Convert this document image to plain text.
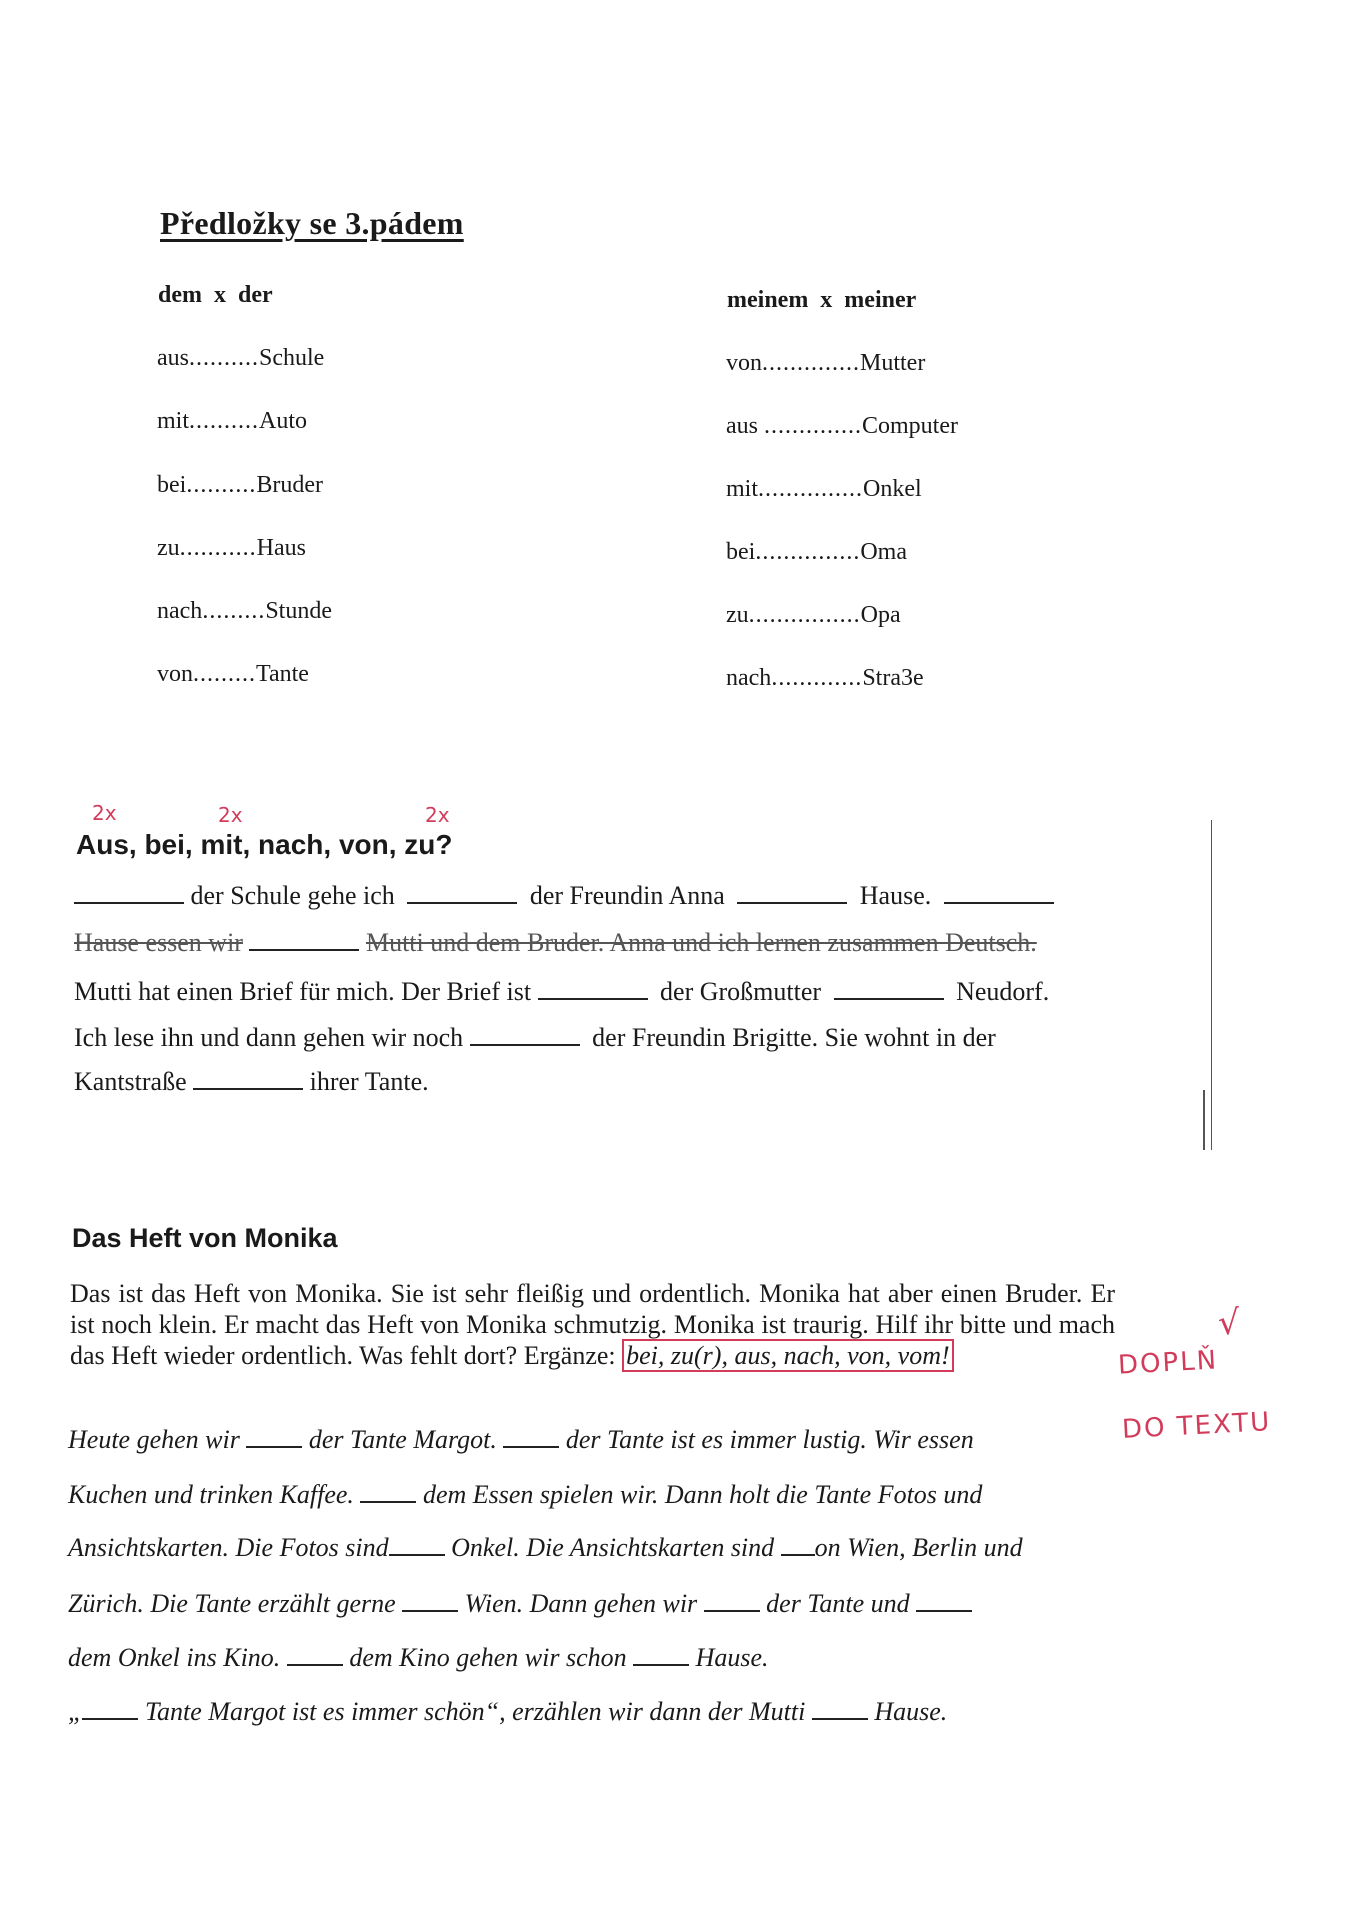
Předložky se 3.pádem
dem x der
aus..........Schule
mit..........Auto
bei..........Bruder
zu...........Haus
nach.........Stunde
von.........Tante
meinem x meiner
von..............Mutter
aus ..............Computer
mit...............Onkel
bei...............Oma
zu................Opa
nach.............Stra3e
2x	2x	2x
Aus, bei, mit, nach, von, zu?
der Schule gehe ich	der Freundin Anna	Hause.
Hause essen wir	Mutti und dem Bruder. Anna und ich lernen zusammen Deutsch.
Mutti hat einen Brief für mich. Der Brief ist	der Großmutter	Neudorf.
Ich lese ihn und dann gehen wir noch	der Freundin Brigitte. Sie wohnt in der
Kantstraße	ihrer Tante.
Das Heft von Monika
Das ist das Heft von Monika. Sie ist sehr fleißig und ordentlich. Monika hat aber einen Bruder. Er ist noch klein. Er macht das Heft von Monika schmutzig. Monika ist traurig. Hilf ihr bitte und mach das Heft wieder ordentlich. Was fehlt dort? Ergänze: bei, zu(r), aus, nach, von, vom!	DOPLŇ
DO TEXTU
√
Heute gehen wir	der Tante Margot.	der Tante ist es immer lustig. Wir essen
Kuchen und trinken Kaffee.	dem Essen spielen wir. Dann holt die Tante Fotos und
Ansichtskarten. Die Fotos sind Onkel. Die Ansichtskarten sind on Wien, Berlin und
Zürich. Die Tante erzählt gerne	Wien. Dann gehen wir	der Tante und
dem Onkel ins Kino.	dem Kino gehen wir schon	Hause.
„ Tante Margot ist es immer schön“, erzählen wir dann der Mutti	Hause.
